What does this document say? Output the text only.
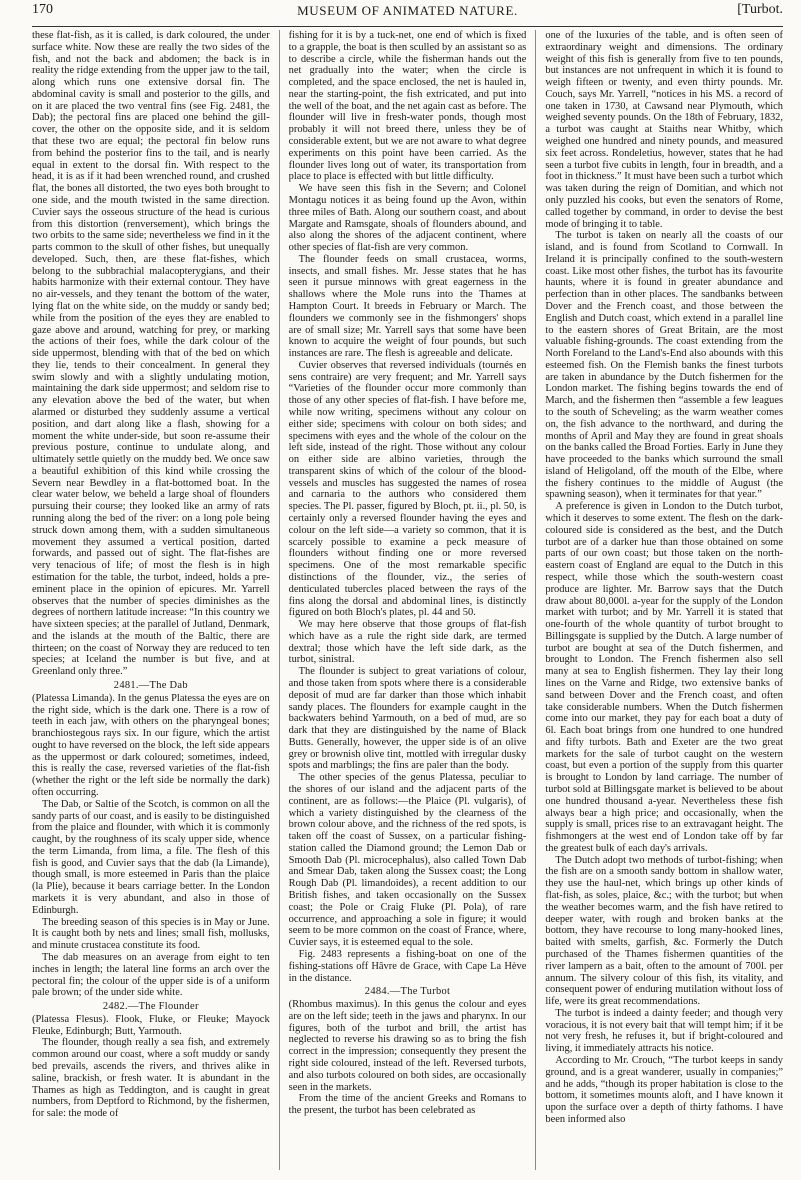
170	MUSEUM OF ANIMATED NATURE.	[Turbot.

these flat-fish, as it is called, is dark coloured, the under surface white. Now these are really the two sides of the fish, and not the back and abdomen; the back is in reality the ridge extending from the upper jaw to the tail, along which runs one extensive dorsal fin. The abdominal cavity is small and posterior to the gills, and on it are placed the two ventral fins (see Fig. 2481, the Dab); the pectoral fins are placed one behind the gill-cover, the other on the opposite side, and it is seldom that these two are equal; the pectoral fin below runs from behind the posterior fins to the tail, and is nearly equal in extent to the dorsal fin. With respect to the head, it is as if it had been wrenched round, and crushed flat, the bones all distorted, the two eyes both brought to one side, and the mouth twisted in the same direction. Cuvier says the osseous structure of the head is curious from this distortion (renversement), which brings the two orbits to the same side; nevertheless we find in it the parts common to the skull of other fishes, but unequally developed. Such, then, are these flat-fishes, which belong to the subbrachial malacopterygians, and their habits harmonize with their external contour. They have no air-vessels, and they tenant the bottom of the water, lying flat on the white side, on the muddy or sandy bed; while from the position of the eyes they are enabled to gaze above and around, watching for prey, or marking the actions of their foes, while the dark colour of the side uppermost, blending with that of the bed on which they lie, tends to their concealment. In general they swim slowly and with a slightly undulating motion, maintaining the dark side uppermost; and seldom rise to any elevation above the bed of the water, but when alarmed or disturbed they suddenly assume a vertical position, and dart along like a flash, showing for a moment the white under-side, but soon re-assume their previous posture, continue to undulate along, and ultimately settle quietly on the muddy bed. We once saw a beautiful exhibition of this kind while crossing the Severn near Bewdley in a flat-bottomed boat. In the clear water below, we beheld a large shoal of flounders pursuing their course; they looked like an army of rats running along the bed of the river: on a long pole being struck down among them, with a sudden simultaneous movement they assumed a vertical position, darted forwards, and passed out of sight. The flat-fishes are very tenacious of life; of most the flesh is in high estimation for the table, the turbot, indeed, holds a pre-eminent place in the opinion of epicures. Mr. Yarrell observes that the number of species diminishes as the degrees of northern latitude increase: “In this country we have sixteen species; at the parallel of Jutland, Denmark, and the islands at the mouth of the Baltic, there are thirteen; on the coast of Norway they are reduced to ten species; at Iceland the number is but five, and at Greenland only three.”

2481.—The Dab

(Platessa Limanda). In the genus Platessa the eyes are on the right side, which is the dark one. There is a row of teeth in each jaw, with others on the pharyngeal bones; branchiostegous rays six. In our figure, which the artist ought to have reversed on the block, the left side appears as the uppermost or dark coloured; sometimes, indeed, this is really the case, reversed varieties of the flat-fish (whether the right or the left side be normally the dark) often occurring.

The Dab, or Saltie of the Scotch, is common on all the sandy parts of our coast, and is easily to be distinguished from the plaice and flounder, with which it is commonly caught, by the roughness of its scaly upper side, whence the term Limanda, from lima, a file. The flesh of this fish is good, and Cuvier says that the dab (la Limande), though small, is more esteemed in Paris than the plaice (la Plie), because it bears carriage better. In the London markets it is very abundant, and also in those of Edinburgh.

The breeding season of this species is in May or June. It is caught both by nets and lines; small fish, mollusks, and minute crustacea constitute its food.

The dab measures on an average from eight to ten inches in length; the lateral line forms an arch over the pectoral fin; the colour of the upper side is of a uniform pale brown; of the under side white.

2482.—The Flounder

(Platessa Flesus). Flook, Fluke, or Fleuke; Mayock Fleuke, Edinburgh; Butt, Yarmouth.

The flounder, though really a sea fish, and extremely common around our coast, where a soft muddy or sandy bed prevails, ascends the rivers, and thrives alike in saline, brackish, or fresh water. It is abundant in the Thames as high as Teddington, and is caught in great numbers, from Deptford to Richmond, by the fishermen, for sale: the mode of

fishing for it is by a tuck-net, one end of which is fixed to a grapple, the boat is then sculled by an assistant so as to describe a circle, while the fisherman hands out the net gradually into the water; when the circle is completed, and the space enclosed, the net is hauled in, near the starting-point, the fish extricated, and put into the well of the boat, and the net again cast as before. The flounder will live in fresh-water ponds, though most probably it will not breed there, unless they be of considerable extent, but we are not aware to what degree experiments on this point have been carried. As the flounder lives long out of water, its transportation from place to place is effected with but little difficulty.

We have seen this fish in the Severn; and Colonel Montagu notices it as being found up the Avon, within three miles of Bath. Along our southern coast, and about Margate and Ramsgate, shoals of flounders abound, and also along the shores of the adjacent continent, where other species of flat-fish are very common.

The flounder feeds on small crustacea, worms, insects, and small fishes. Mr. Jesse states that he has seen it pursue minnows with great eagerness in the shallows where the Mole runs into the Thames at Hampton Court. It breeds in February or March. The flounders we commonly see in the fishmongers' shops are of small size; Mr. Yarrell says that some have been known to acquire the weight of four pounds, but such instances are rare. The flesh is agreeable and delicate.

Cuvier observes that reversed individuals (tournés en sens contraire) are very frequent; and Mr. Yarrell says “Varieties of the flounder occur more commonly than those of any other species of flat-fish. I have before me, while now writing, specimens without any colour on either side; specimens with colour on both sides; and specimens with eyes and the whole of the colour on the left side, instead of the right. Those without any colour on either side are albino varieties, through the transparent skins of which of the colour of the blood-vessels and muscles has suggested the names of rosea and carnaria to the authors who considered them species. The Pl. passer, figured by Bloch, pt. ii., pl. 50, is certainly only a reversed flounder having the eyes and colour on the left side—a variety so common, that it is scarcely possible to examine a peck measure of flounders without finding one or more reversed specimens. One of the most remarkable specific distinctions of the flounder, viz., the series of denticulated tubercles placed between the rays of the fins along the dorsal and abdominal lines, is distinctly figured on both Bloch's plates, pl. 44 and 50.

We may here observe that those groups of flat-fish which have as a rule the right side dark, are termed dextral; those which have the left side dark, as the turbot, sinistral.

The flounder is subject to great variations of colour, and those taken from spots where there is a considerable deposit of mud are far darker than those which inhabit sandy places. The flounders for example caught in the backwaters behind Yarmouth, on a bed of mud, are so dark that they are distinguished by the name of Black Butts. Generally, however, the upper side is of an olive grey or brownish olive tint, mottled with irregular dusky spots and marblings; the fins are paler than the body.

The other species of the genus Platessa, peculiar to the shores of our island and the adjacent parts of the continent, are as follows:—the Plaice (Pl. vulgaris), of which a variety distinguished by the clearness of the brown colour above, and the richness of the red spots, is taken off the coast of Sussex, on a particular fishing-station called the Diamond ground; the Lemon Dab or Smooth Dab (Pl. microcephalus), also called Town Dab and Smear Dab, taken along the Sussex coast; the Long Rough Dab (Pl. limandoides), a recent addition to our British fishes, and taken occasionally on the Sussex coast; the Pole or Craig Fluke (Pl. Pola), of rare occurrence, and approaching a sole in figure; it would seem to be more common on the coast of France, where, Cuvier says, it is esteemed equal to the sole.

Fig. 2483 represents a fishing-boat on one of the fishing-stations off Hâvre de Grace, with Cape La Hève in the distance.

2484.—The Turbot

(Rhombus maximus). In this genus the colour and eyes are on the left side; teeth in the jaws and pharynx. In our figures, both of the turbot and brill, the artist has neglected to reverse his drawing so as to bring the fish correct in the impression; consequently they present the right side coloured, instead of the left. Reversed turbots, and also turbots coloured on both sides, are occasionally seen in the markets.

From the time of the ancient Greeks and Romans to the present, the turbot has been celebrated as

one of the luxuries of the table, and is often seen of extraordinary weight and dimensions. The ordinary weight of this fish is generally from five to ten pounds, but instances are not unfrequent in which it is found to weigh fifteen or twenty, and even thirty pounds. Mr. Couch, says Mr. Yarrell, “notices in his MS. a record of one taken in 1730, at Cawsand near Plymouth, which weighed seventy pounds. On the 18th of February, 1832, a turbot was caught at Staiths near Whitby, which weighed one hundred and ninety pounds, and measured six feet across. Rondeletius, however, states that he had seen a turbot five cubits in length, four in breadth, and a foot in thickness.” It must have been such a turbot which was taken during the reign of Domitian, and which not only puzzled his cooks, but even the senators of Rome, called together by command, in order to devise the best mode of bringing it to table.

The turbot is taken on nearly all the coasts of our island, and is found from Scotland to Cornwall. In Ireland it is principally confined to the south-western coast. Like most other fishes, the turbot has its favourite haunts, where it is found in greater abundance and perfection than in other places. The sandbanks between Dover and the French coast, and those between the English and Dutch coast, which extend in a parallel line to the eastern shores of Great Britain, are the most valuable fishing-grounds. The coast extending from the North Foreland to the Land's-End also abounds with this esteemed fish. On the Flemish banks the finest turbots are taken in abundance by the Dutch fishermen for the London market. The fishing begins towards the end of March, and the fishermen then “assemble a few leagues to the south of Scheveling; as the warm weather comes on, the fish advance to the northward, and during the months of April and May they are found in great shoals on the banks called the Broad Forties. Early in June they have proceeded to the banks which surround the small island of Heligoland, off the mouth of the Elbe, where the fishery continues to the middle of August (the spawning season), when it terminates for that year.”

A preference is given in London to the Dutch turbot, which it deserves to some extent. The flesh on the dark-coloured side is considered as the best, and the Dutch turbot are of a darker hue than those obtained on some parts of our own coast; but those taken on the north-eastern coast of England are equal to the Dutch in this respect, while those which the south-western coast produce are lighter. Mr. Barrow says that the Dutch draw about 80,000l. a-year for the supply of the London market with turbot; and by Mr. Yarrell it is stated that one-fourth of the whole quantity of turbot brought to Billingsgate is supplied by the Dutch. A large number of turbot are bought at sea of the Dutch fishermen, and brought to London. The French fishermen also sell many at sea to English fishermen. They lay their long lines on the Varne and Ridge, two extensive banks of sand between Dover and the French coast, and often take considerable numbers. When the Dutch fishermen come into our market, they pay for each boat a duty of 6l. Each boat brings from one hundred to one hundred and fifty turbots. Bath and Exeter are the two great markets for the sale of turbot caught on the western coast, but even a portion of the supply from this quarter is brought to London by land carriage. The number of turbot sold at Billingsgate market is believed to be about one hundred thousand a-year. Nevertheless these fish always bear a high price; and occasionally, when the supply is small, prices rise to an extravagant height. The fishmongers at the west end of London take off by far the greatest bulk of each day's arrivals.

The Dutch adopt two methods of turbot-fishing; when the fish are on a smooth sandy bottom in shallow water, they use the haul-net, which brings up other kinds of flat-fish, as soles, plaice, &c.; with the turbot; but when the weather becomes warm, and the fish have retired to deeper water, with rough and broken banks at the bottom, they have recourse to long many-hooked lines, baited with smelts, garfish, &c. Formerly the Dutch purchased of the Thames fishermen quantities of the river lampern as a bait, often to the amount of 700l. per annum. The silvery colour of this fish, its vitality, and consequent power of enduring mutilation without loss of life, were its great recommendations.

The turbot is indeed a dainty feeder; and though very voracious, it is not every bait that will tempt him; if it be not very fresh, he refuses it, but if bright-coloured and living, it immediately attracts his notice.

According to Mr. Crouch, “The turbot keeps in sandy ground, and is a great wanderer, usually in companies;” and he adds, “though its proper habitation is close to the bottom, it sometimes mounts aloft, and I have known it upon the surface over a depth of thirty fathoms. I have been informed also
